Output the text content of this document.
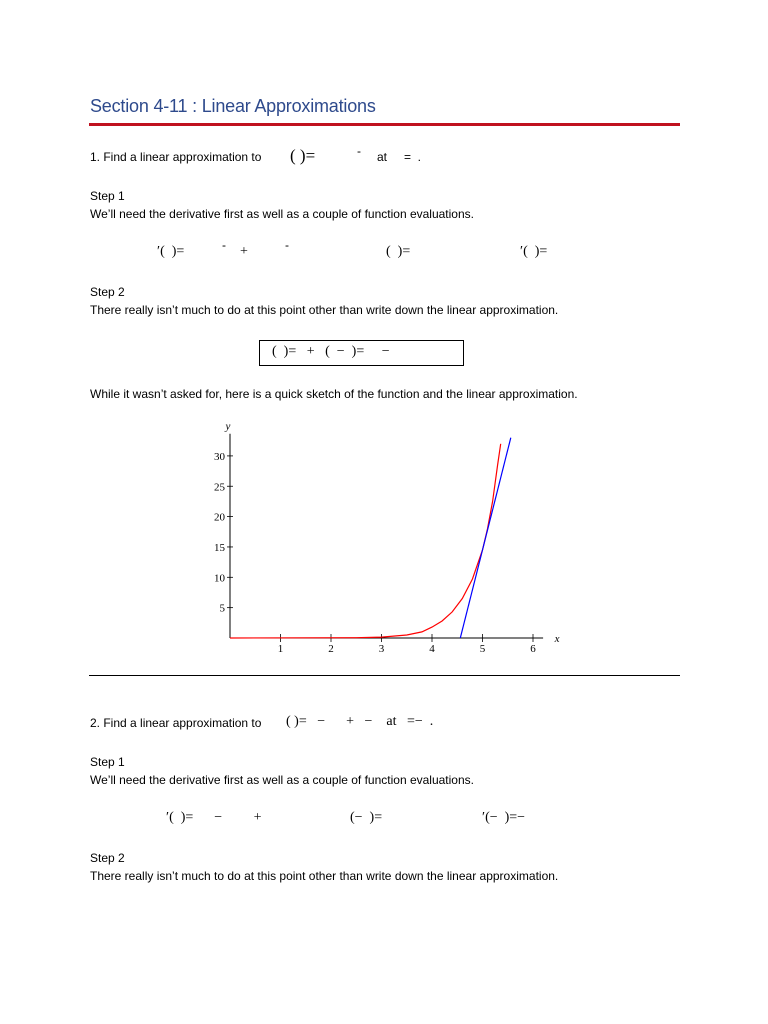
Section 4-11 : Linear Approximations
1. Find a linear approximation to ( )=	- at =  .
Step 1
We’ll need the derivative first as well as a couple of function evaluations.
′(  )=	- +	-	(  )=	′(  )=
Step 2
There really isn’t much to do at this point other than write down the linear approximation.
(  )=   +   (  −  )=     −
While it wasn’t asked for, here is a quick sketch of the function and the linear approximation.
1	2	3	4	5	6
5
10
15
20
25
30
x
y
2. Find a linear approximation to ( )=   −      +   −    at   =−  .
Step 1
We’ll need the derivative first as well as a couple of function evaluations.
′(  )=      −         +	(−  )=	′(−  )=−
Step 2
There really isn’t much to do at this point other than write down the linear approximation.
